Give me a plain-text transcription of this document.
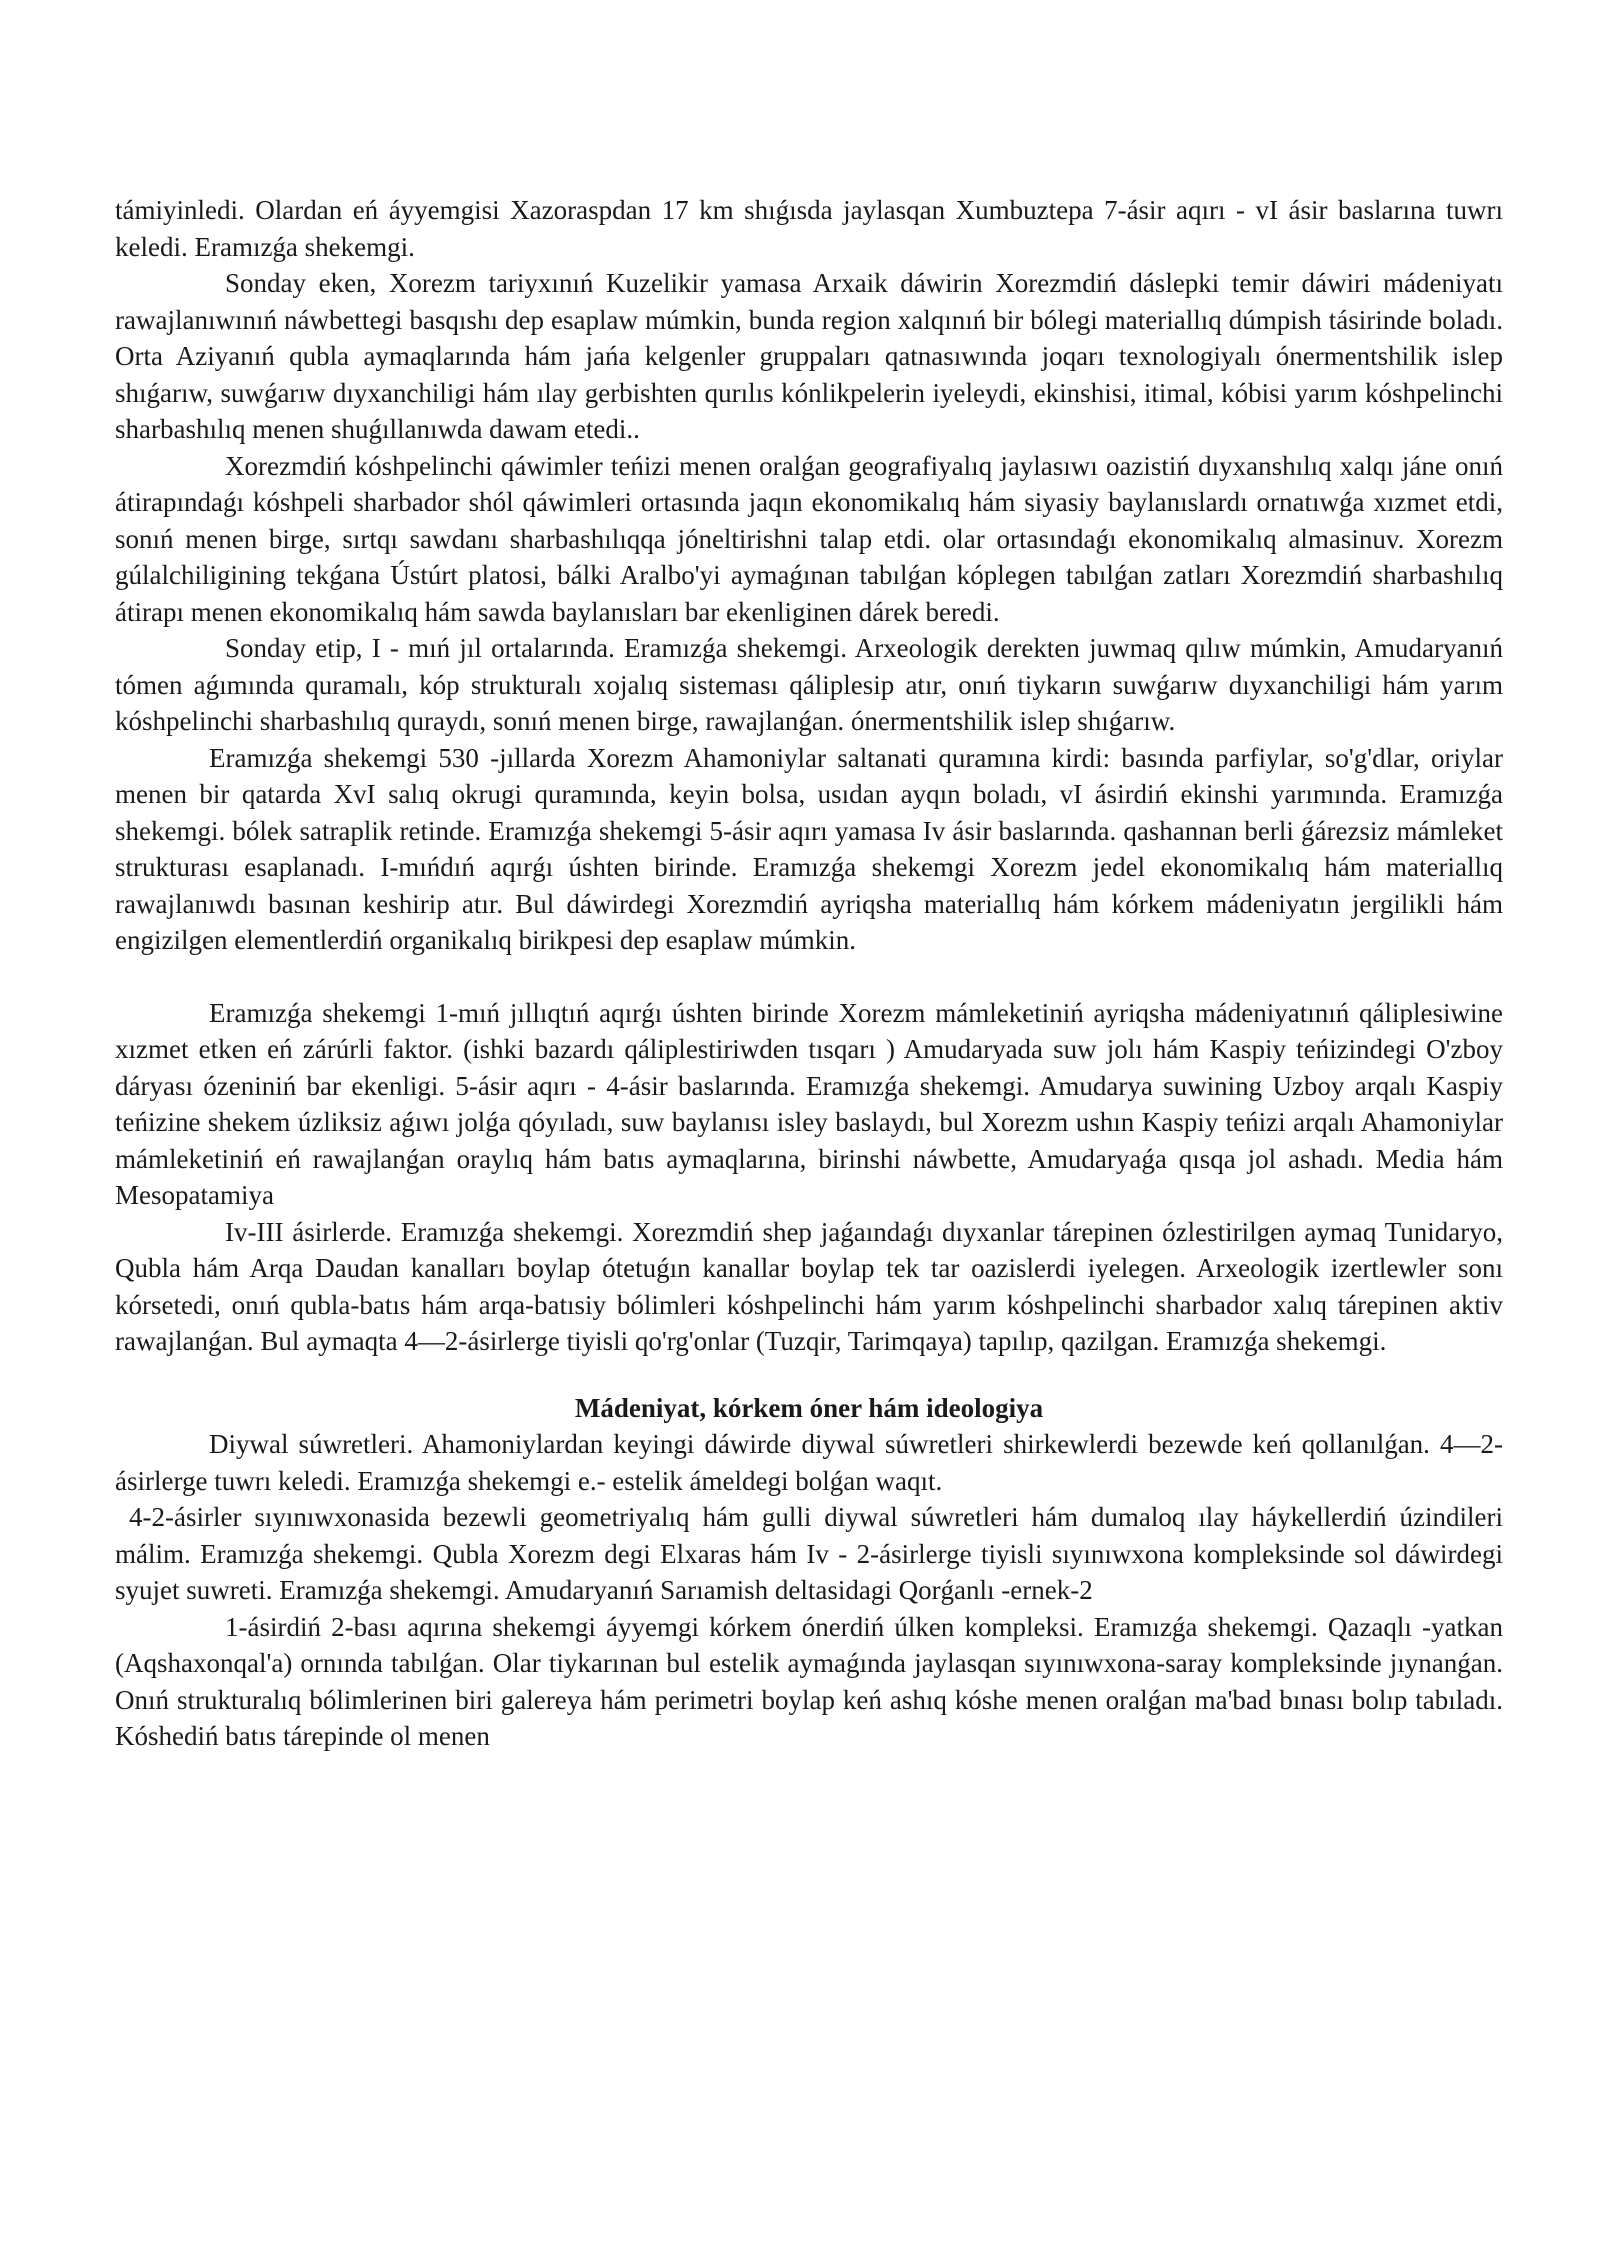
támiyinledi. Olardan eń áyyemgisi Xazoraspdan 17 km shıǵısda jaylasqan Xumbuztepa 7-ásir aqırı - vI ásir baslarına tuwrı keledi. Eramızǵa shekemgi.

Sonday eken, Xorezm tariyxınıń Kuzelikir yamasa Arxaik dáwirin Xorezmdiń dáslepki temir dáwiri mádeniyatı rawajlanıwınıń náwbettegi basqıshı dep esaplaw múmkin, bunda region xalqınıń bir bólegi materiallıq dúmpish tásirinde boladı. Orta Aziyanıń qubla aymaqlarında hám jańa kelgenler gruppaları qatnasıwında joqarı texnologiyalı ónermentshilik islep shıǵarıw, suwǵarıw dıyxanchiligi hám ılay gerbishten qurılıs kónlikpelerin iyeleydi, ekinshisi, itimal, kóbisi yarım kóshpelinchi sharbashılıq menen shuǵıllanıwda dawam etedi..

Xorezmdiń kóshpelinchi qáwimler teńizi menen oralǵan geografiyalıq jaylasıwı oazistiń dıyxanshılıq xalqı jáne onıń átirapındaǵı kóshpeli sharbador shól qáwimleri ortasında jaqın ekonomikalıq hám siyasiy baylanıslardı ornatıwǵa xızmet etdi, sonıń menen birge, sırtqı sawdanı sharbashılıqqa jóneltirishni talap etdi. olar ortasındaǵı ekonomikalıq almasinuv. Xorezm gúlalchiligining tekǵana Ústúrt platosi, bálki Aralbo'yi aymaǵınan tabılǵan kóplegen tabılǵan zatları Xorezmdiń sharbashılıq átirapı menen ekonomikalıq hám sawda baylanısları bar ekenliginen dárek beredi.

Sonday etip, I - mıń jıl ortalarında. Eramızǵa shekemgi. Arxeologik derekten juwmaq qılıw múmkin, Amudaryanıń tómen aǵımında quramalı, kóp strukturalı xojalıq sisteması qáliplesip atır, onıń tiykarın suwǵarıw dıyxanchiligi hám yarım kóshpelinchi sharbashılıq quraydı, sonıń menen birge, rawajlanǵan. ónermentshilik islep shıǵarıw.

Eramızǵa shekemgi 530 -jıllarda Xorezm Ahamoniylar saltanati quramına kirdi: basında parfiylar, so'g'dlar, oriylar menen bir qatarda XvI salıq okrugi quramında, keyin bolsa, usıdan ayqın boladı, vI ásirdiń ekinshi yarımında. Eramızǵa shekemgi. bólek satraplik retinde. Eramızǵa shekemgi 5-ásir aqırı yamasa Iv ásir baslarında. qashannan berli ǵárezsiz mámleket strukturası esaplanadı. I-mıńdıń aqırǵı úshten birinde. Eramızǵa shekemgi Xorezm jedel ekonomikalıq hám materiallıq rawajlanıwdı basınan keshirip atır. Bul dáwirdegi Xorezmdiń ayriqsha materiallıq hám kórkem mádeniyatın jergilikli hám engizilgen elementlerdiń organikalıq birikpesi dep esaplaw múmkin.

Eramızǵa shekemgi 1-mıń jıllıqtıń aqırǵı úshten birinde Xorezm mámleketiniń ayriqsha mádeniyatınıń qáliplesiwine xızmet etken eń zárúrli faktor. (ishki bazardı qáliplestiriwden tısqarı ) Amudaryada suw jolı hám Kaspiy teńizindegi O'zboy dáryası ózeniniń bar ekenligi. 5-ásir aqırı - 4-ásir baslarında. Eramızǵa shekemgi. Amudarya suwining Uzboy arqalı Kaspiy teńizine shekem úzliksiz aǵıwı jolǵa qóyıladı, suw baylanısı isley baslaydı, bul Xorezm ushın Kaspiy teńizi arqalı Ahamoniylar mámleketiniń eń rawajlanǵan oraylıq hám batıs aymaqlarına, birinshi náwbette, Amudaryaǵa qısqa jol ashadı. Media hám Mesopatamiya

Iv-III ásirlerde. Eramızǵa shekemgi. Xorezmdiń shep jaǵaındaǵı dıyxanlar tárepinen ózlestirilgen aymaq Tunidaryo, Qubla hám Arqa Daudan kanalları boylap ótetuǵın kanallar boylap tek tar oazislerdi iyelegen. Arxeologik izertlewler sonı kórsetedi, onıń qubla-batıs hám arqa-batısiy bólimleri kóshpelinchi hám yarım kóshpelinchi sharbador xalıq tárepinen aktiv rawajlanǵan. Bul aymaqta 4—2-ásirlerge tiyisli qo'rg'onlar (Tuzqir, Tarimqaya) tapılıp, qazilgan. Eramızǵa shekemgi.

Mádeniyat, kórkem óner hám ideologiya

Diywal súwretleri. Ahamoniylardan keyingi dáwirde diywal súwretleri shirkewlerdi bezewde keń qollanılǵan. 4—2-ásirlerge tuwrı keledi. Eramızǵa shekemgi e.- estelik ámeldegi bolǵan waqıt.

4-2-ásirler sıyınıwxonasida bezewli geometriyalıq hám gulli diywal súwretleri hám dumaloq ılay háykellerdiń úzindileri málim. Eramızǵa shekemgi. Qubla Xorezm degi Elxaras hám Iv - 2-ásirlerge tiyisli sıyınıwxona kompleksinde sol dáwirdegi syujet suwreti. Eramızǵa shekemgi. Amudaryanıń Sarıamish deltasidagi Qorǵanlı -ernek-2

1-ásirdiń 2-bası aqırına shekemgi áyyemgi kórkem ónerdiń úlken kompleksi. Eramızǵa shekemgi. Qazaqlı -yatkan (Aqshaxonqal'a) ornında tabılǵan. Olar tiykarınan bul estelik aymaǵında jaylasqan sıyınıwxona-saray kompleksinde jıynanǵan. Onıń strukturalıq bólimlerinen biri galereya hám perimetri boylap keń ashıq kóshe menen oralǵan ma'bad bınası bolıp tabıladı. Kóshediń batıs tárepinde ol menen
